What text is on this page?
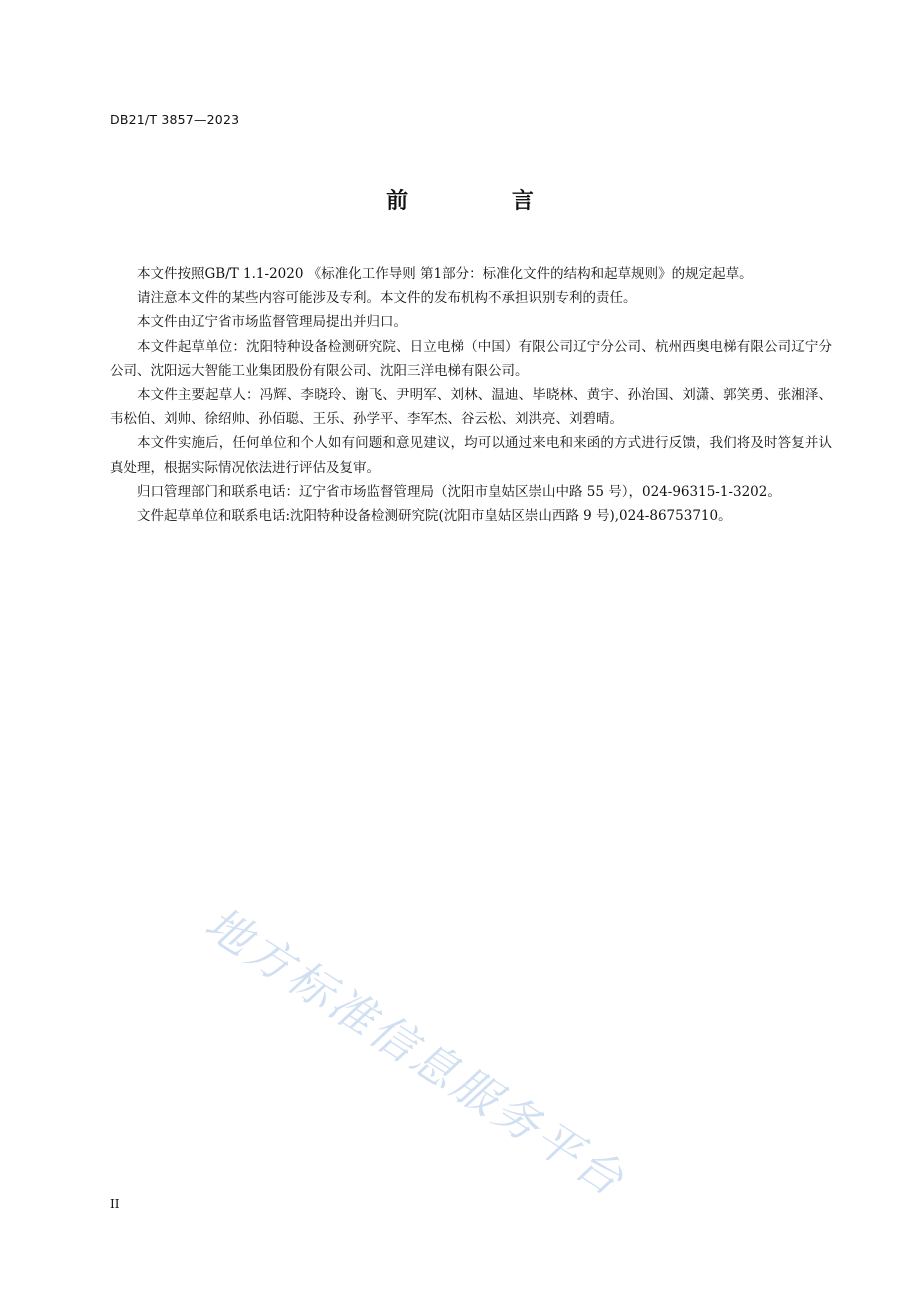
DB21/T 3857—2023
前 言

本文件按照GB/T 1.1-2020 《标准化工作导则 第1部分：标准化文件的结构和起草规则》的规定起草。

请注意本文件的某些内容可能涉及专利。本文件的发布机构不承担识别专利的责任。

本文件由辽宁省市场监督管理局提出并归口。

本文件起草单位：沈阳特种设备检测研究院、日立电梯（中国）有限公司辽宁分公司、杭州西奥电梯有限公司辽宁分公司、沈阳远大智能工业集团股份有限公司、沈阳三洋电梯有限公司。

本文件主要起草人：冯辉、李晓玲、谢飞、尹明军、刘林、温迪、毕晓林、黄宇、孙治国、刘潇、郭笑勇、张湘泽、韦松伯、刘帅、徐绍帅、孙佰聪、王乐、孙学平、李军杰、谷云松、刘洪亮、刘碧晴。

本文件实施后，任何单位和个人如有问题和意见建议，均可以通过来电和来函的方式进行反馈，我们将及时答复并认真处理，根据实际情况依法进行评估及复审。

归口管理部门和联系电话：辽宁省市场监督管理局（沈阳市皇姑区崇山中路 55 号），024-96315-1-3202。

文件起草单位和联系电话:沈阳特种设备检测研究院(沈阳市皇姑区崇山西路 9 号),024-86753710。

地方标准信息服务平台
II
